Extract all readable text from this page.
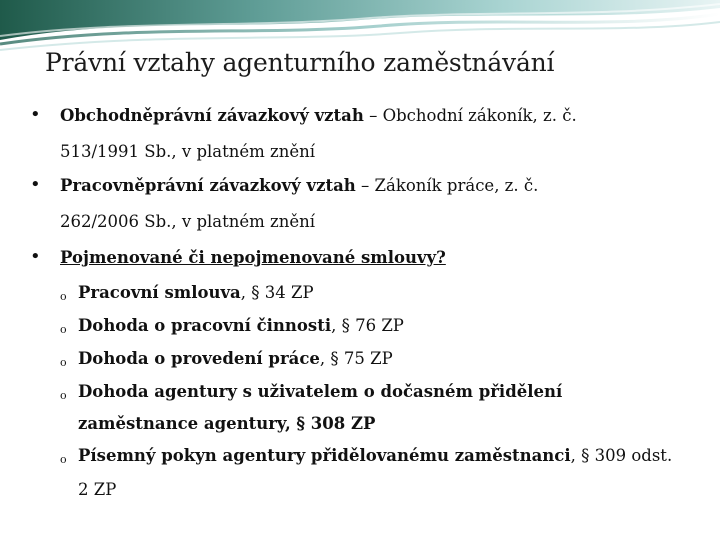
Právní vztahy agenturního zaměstnávání
• Obchodněprávní závazkový vztah – Obchodní zákoník, z. č.
513/1991 Sb., v platném znění
• Pracovněprávní závazkový vztah – Zákoník práce, z. č.
262/2006 Sb., v platném znění
• Pojmenované či nepojmenované smlouvy?
o Pracovní smlouva, § 34 ZP
o Dohoda o pracovní činnosti, § 76 ZP
o Dohoda o provedení práce, § 75 ZP
o Dohoda agentury s uživatelem o dočasném přidělení
zaměstnance agentury, § 308 ZP
o Písemný pokyn agentury přidělovanému zaměstnanci, § 309 odst.
2 ZP
